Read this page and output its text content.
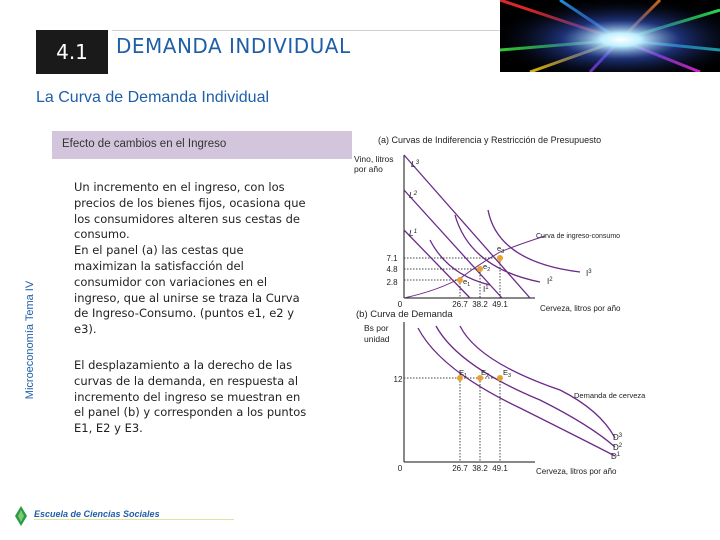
4.1	DEMANDA INDIVIDUAL
La Curva de Demanda Individual
Microeconomía Tema IV
Efecto de cambios en el Ingreso

Un incremento en el ingreso, con los precios de los bienes fijos, ocasiona que los consumidores alteren sus cestas de consumo.

En el panel (a) las cestas que maximizan la satisfacción del consumidor con variaciones en el ingreso, que al unirse se traza la Curva de Ingreso-Consumo. (puntos e1, e2 y e3).

El desplazamiento a la derecho de las curvas de la demanda, en respuesta al incremento del ingreso se muestran en el panel (b) y corresponden a los puntos E1, E2 y E3.

(a) Curvas de Indiferencia y Restricción de Presupuesto
Vino, litros por año	$L^3$
$L^2$
$L^1$
$I^1$
$I^2$
$I^3$
Curva de ingreso-consumo
7.1
4.8
2.8	$e_1$
$e_2$
$e_3$
0	26.7 38.2 49.1	Cerveza, litros por año
(b) Curva de Demanda
Bs por unidad
$D^3$
$D^2$
$D^1$
Demanda de cerveza
12
$E_1$ $E_2$ $E_3$
0	26.7 38.2 49.1	Cerveza, litros por año
Escuela de Ciencias Sociales
